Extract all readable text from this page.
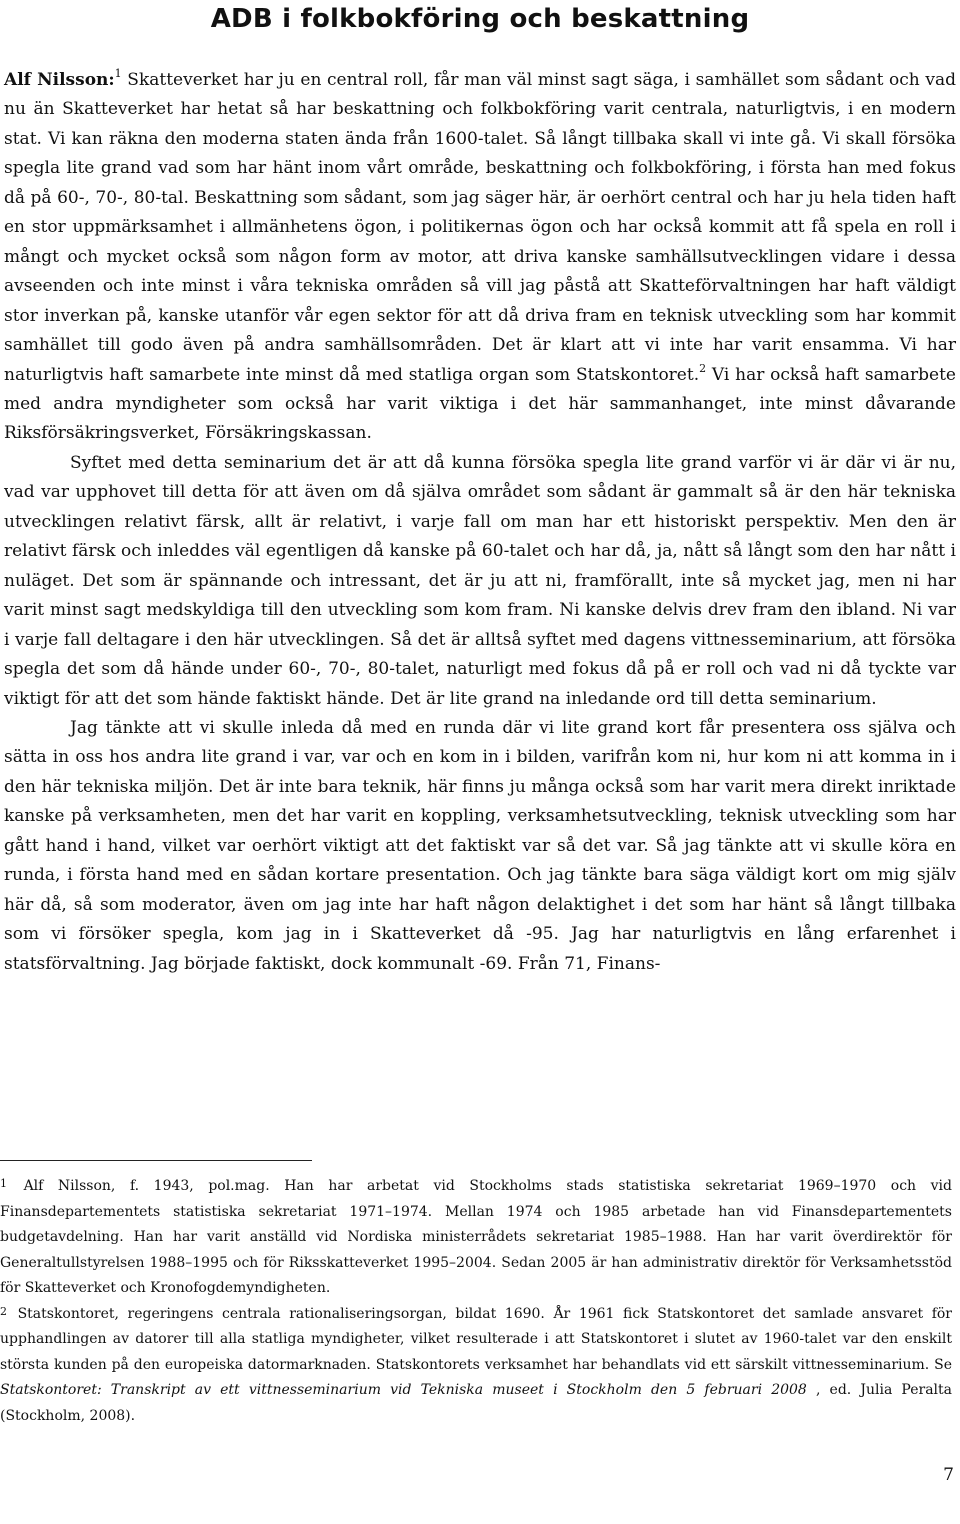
ADB i folkbokföring och beskattning

Alf Nilsson:$^1$ Skatteverket har ju en central roll, får man väl minst sagt säga, i samhället som sådant och vad nu än Skatteverket har hetat så har beskattning och folkbokföring varit centrala, naturligtvis, i en modern stat. Vi kan räkna den moderna staten ända från 1600-talet. Så långt tillbaka skall vi inte gå. Vi skall försöka spegla lite grand vad som har hänt inom vårt område, beskattning och folkbokföring, i första han med fokus då på 60-, 70-, 80-tal. Beskattning som sådant, som jag säger här, är oerhört central och har ju hela tiden haft en stor uppmärksamhet i allmänhetens ögon, i politikernas ögon och har också kommit att få spela en roll i mångt och mycket också som någon form av motor, att driva kanske samhällsutvecklingen vidare i dessa avseenden och inte minst i våra tekniska områden så vill jag påstå att Skatteförvaltningen har haft väldigt stor inverkan på, kanske utanför vår egen sektor för att då driva fram en teknisk utveckling som har kommit samhället till godo även på andra samhällsområden. Det är klart att vi inte har varit ensamma. Vi har naturligtvis haft samarbete inte minst då med statliga organ som Statskontoret.$^2$ Vi har också haft samarbete med andra myndigheter som också har varit viktiga i det här sammanhanget, inte minst dåvarande Riksförsäkringsverket, Försäkringskassan.

Syftet med detta seminarium det är att då kunna försöka spegla lite grand varför vi är där vi är nu, vad var upphovet till detta för att även om då själva området som sådant är gammalt så är den här tekniska utvecklingen relativt färsk, allt är relativt, i varje fall om man har ett historiskt perspektiv. Men den är relativt färsk och inleddes väl egentligen då kanske på 60-talet och har då, ja, nått så långt som den har nått i nuläget. Det som är spännande och intressant, det är ju att ni, framförallt, inte så mycket jag, men ni har varit minst sagt medskyldiga till den utveckling som kom fram. Ni kanske delvis drev fram den ibland. Ni var i varje fall deltagare i den här utvecklingen. Så det är alltså syftet med dagens vittnesseminarium, att försöka spegla det som då hände under 60-, 70-, 80-talet, naturligt med fokus då på er roll och vad ni då tyckte var viktigt för att det som hände faktiskt hände. Det är lite grand na inledande ord till detta seminarium.

Jag tänkte att vi skulle inleda då med en runda där vi lite grand kort får presentera oss själva och sätta in oss hos andra lite grand i var, var och en kom in i bilden, varifrån kom ni, hur kom ni att komma in i den här tekniska miljön. Det är inte bara teknik, här finns ju många också som har varit mera direkt inriktade kanske på verksamheten, men det har varit en koppling, verksamhetsutveckling, teknisk utveckling som har gått hand i hand, vilket var oerhört viktigt att det faktiskt var så det var. Så jag tänkte att vi skulle köra en runda, i första hand med en sådan kortare presentation. Och jag tänkte bara säga väldigt kort om mig själv här då, så som moderator, även om jag inte har haft någon delaktighet i det som har hänt så långt tillbaka som vi försöker spegla, kom jag in i Skatteverket då -95. Jag har naturligtvis en lång erfarenhet i statsförvaltning. Jag började faktiskt, dock kommunalt -69. Från 71, Finans-

$^1$ Alf Nilsson, f. 1943, pol.mag. Han har arbetat vid Stockholms stads statistiska sekretariat 1969–1970 och vid Finansdepartementets statistiska sekretariat 1971–1974. Mellan 1974 och 1985 arbetade han vid Finansdepartementets budgetavdelning. Han har varit anställd vid Nordiska ministerrådets sekretariat 1985–1988. Han har varit överdirektör för Generaltullstyrelsen 1988–1995 och för Riksskatteverket 1995–2004. Sedan 2005 är han administrativ direktör för Verksamhetsstöd för Skatteverket och Kronofogdemyndigheten.

$^2$ Statskontoret, regeringens centrala rationaliseringsorgan, bildat 1690. År 1961 fick Statskontoret det samlade ansvaret för upphandlingen av datorer till alla statliga myndigheter, vilket resulterade i att Statskontoret i slutet av 1960-talet var den enskilt största kunden på den europeiska datormarknaden. Statskontorets verksamhet har behandlats vid ett särskilt vittnesseminarium. Se Statskontoret: Transkript av ett vittnesseminarium vid Tekniska museet i Stockholm den 5 februari 2008 , ed. Julia Peralta (Stockholm, 2008).

7
